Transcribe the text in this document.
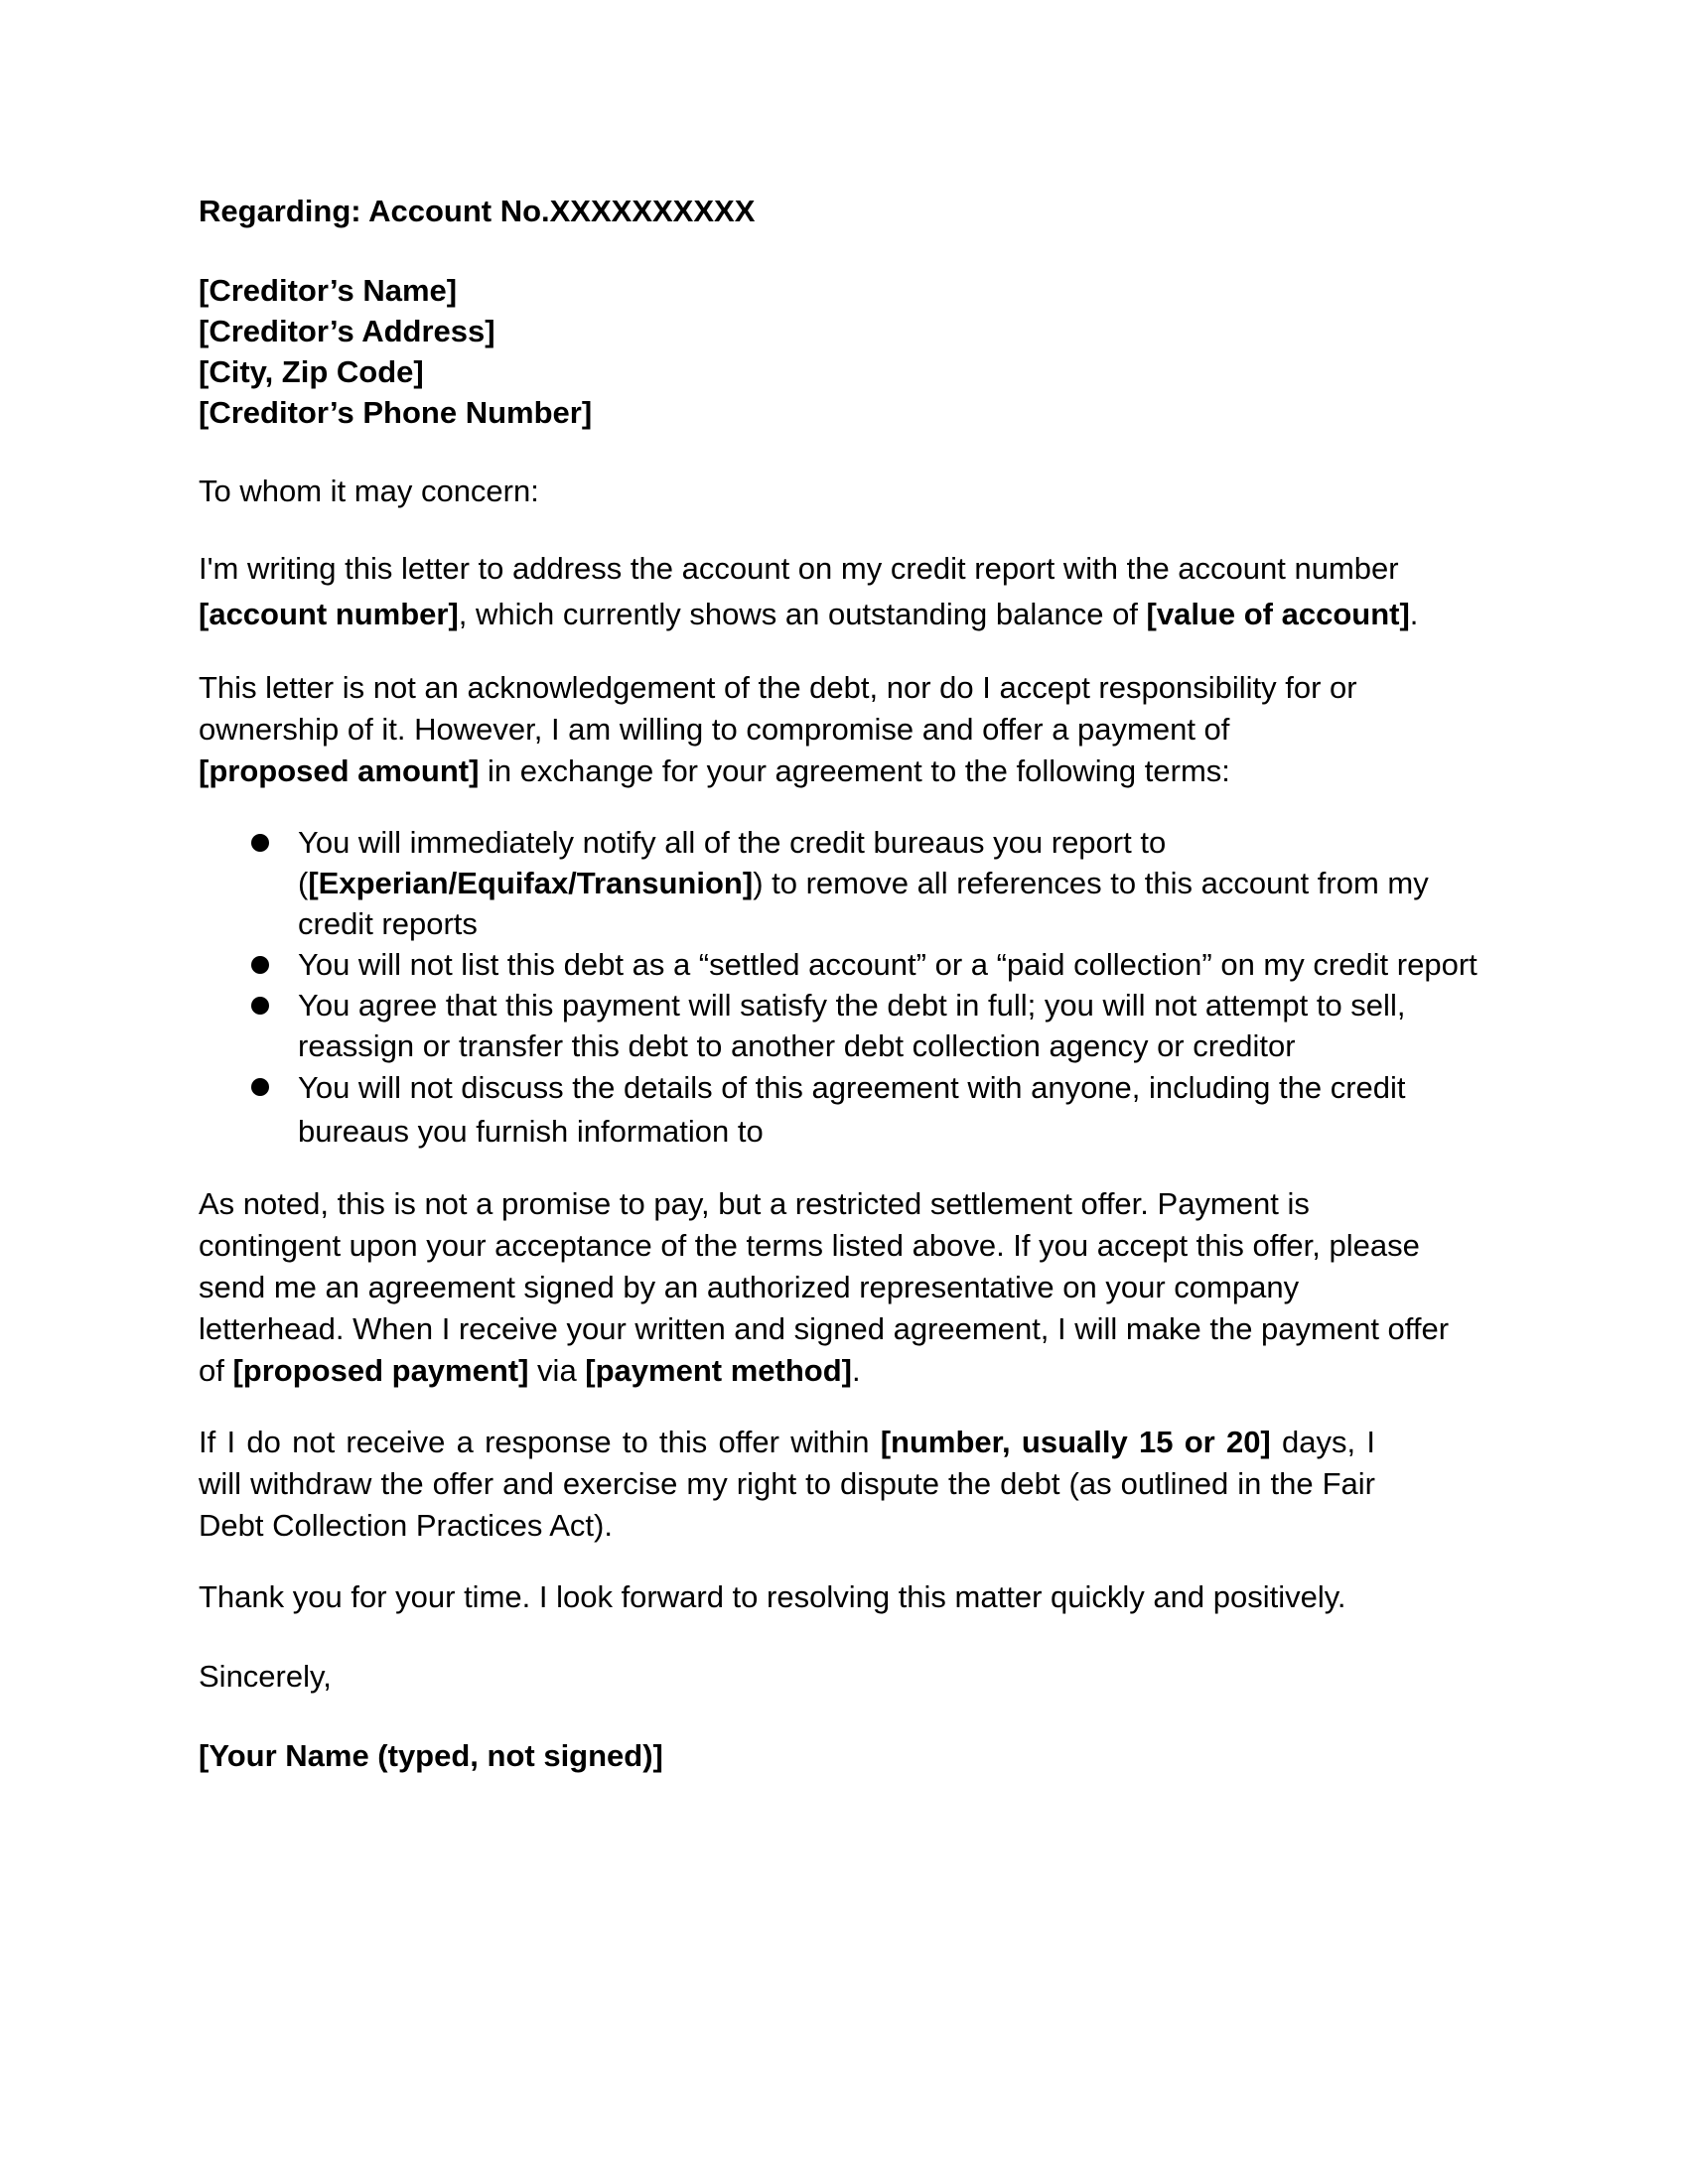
Regarding: Account No.XXXXXXXXXX
[Creditor’s Name]
[Creditor’s Address]
[City, Zip Code]
[Creditor’s Phone Number]

To whom it may concern:

I'm writing this letter to address the account on my credit report with the account number [account number], which currently shows an outstanding balance of [value of account].

This letter is not an acknowledgement of the debt, nor do I accept responsibility for or ownership of it. However, I am willing to compromise and offer a payment of [proposed amount] in exchange for your agreement to the following terms:

You will immediately notify all of the credit bureaus you report to ([Experian/Equifax/Transunion]) to remove all references to this account from my credit reports
You will not list this debt as a “settled account” or a “paid collection” on my credit report
You agree that this payment will satisfy the debt in full; you will not attempt to sell, reassign or transfer this debt to another debt collection agency or creditor
You will not discuss the details of this agreement with anyone, including the credit bureaus you furnish information to

As noted, this is not a promise to pay, but a restricted settlement offer. Payment is contingent upon your acceptance of the terms listed above. If you accept this offer, please send me an agreement signed by an authorized representative on your company letterhead. When I receive your written and signed agreement, I will make the payment offer of [proposed payment] via [payment method].

If I do not receive a response to this offer within [number, usually 15 or 20] days, I will withdraw the offer and exercise my right to dispute the debt (as outlined in the Fair Debt Collection Practices Act).

Thank you for your time. I look forward to resolving this matter quickly and positively.

Sincerely,

[Your Name (typed, not signed)]
